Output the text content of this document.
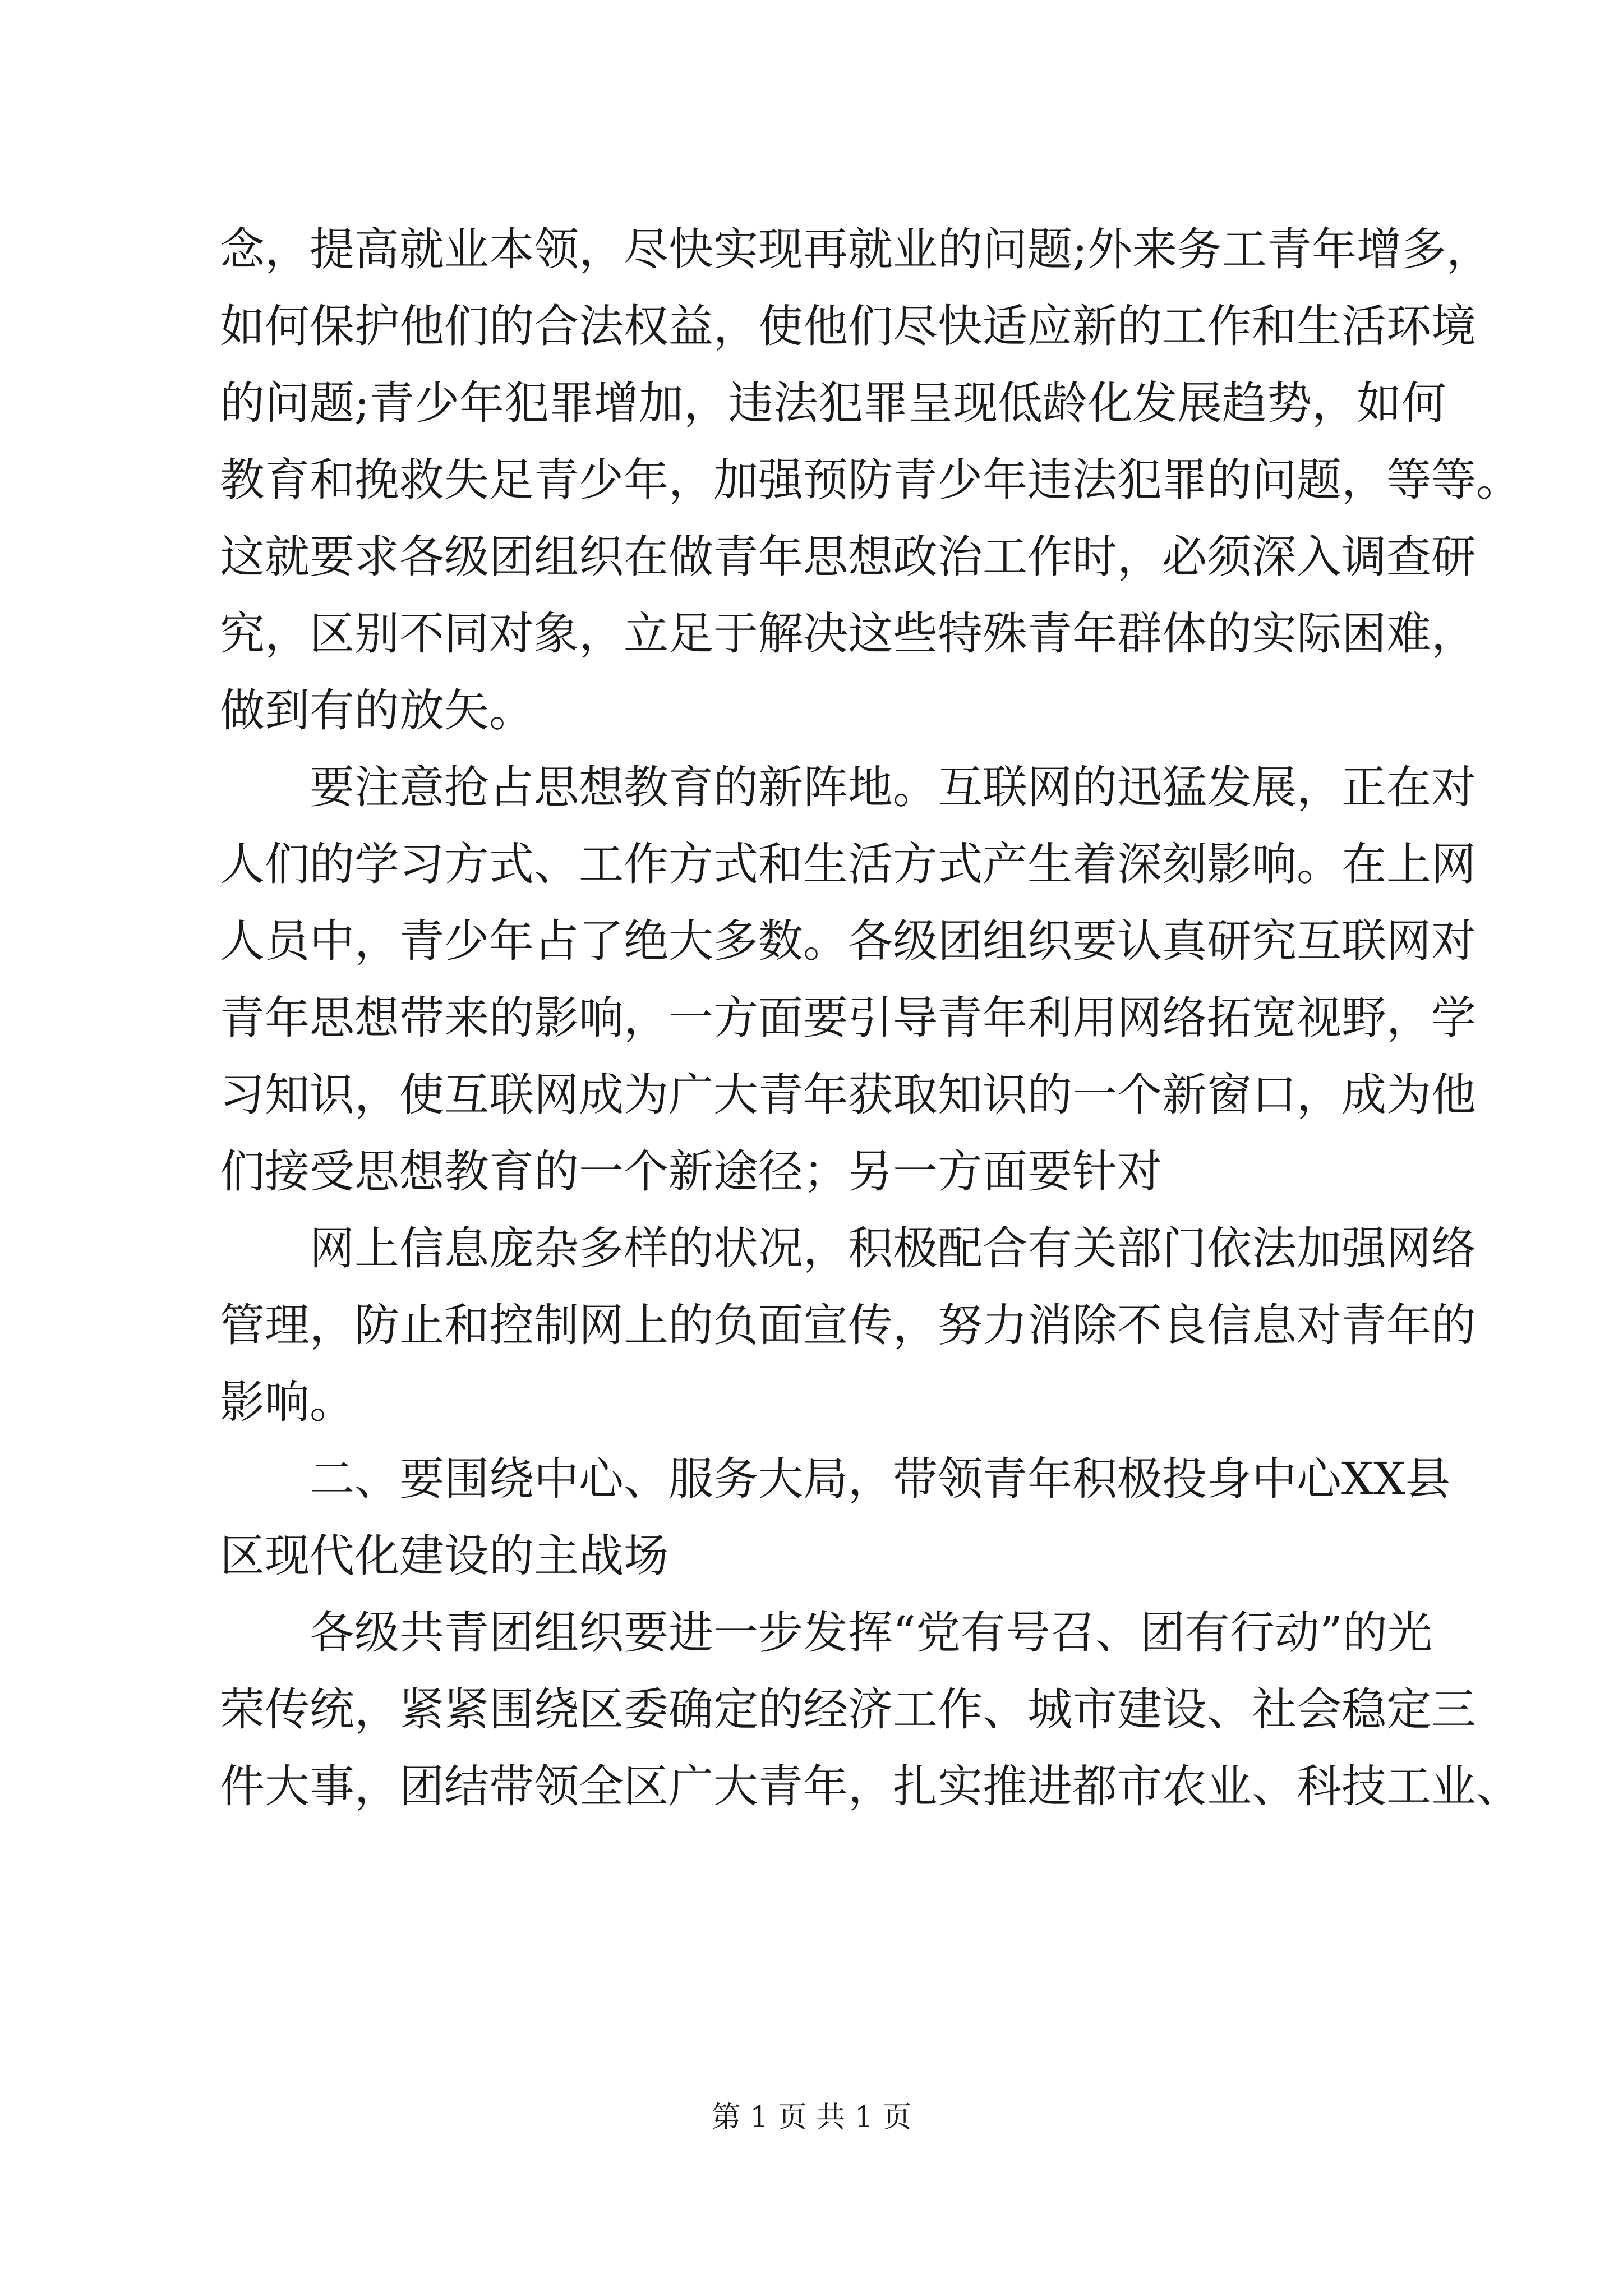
念，提高就业本领，尽快实现再就业的问题;外来务工青年增多，
如何保护他们的合法权益，使他们尽快适应新的工作和生活环境
的问题;青少年犯罪增加，违法犯罪呈现低龄化发展趋势，如何
教育和挽救失足青少年，加强预防青少年违法犯罪的问题，等等。
这就要求各级团组织在做青年思想政治工作时，必须深入调查研
究，区别不同对象，立足于解决这些特殊青年群体的实际困难，
做到有的放矢。
要注意抢占思想教育的新阵地。互联网的迅猛发展，正在对
人们的学习方式、工作方式和生活方式产生着深刻影响。在上网
人员中，青少年占了绝大多数。各级团组织要认真研究互联网对
青年思想带来的影响，一方面要引导青年利用网络拓宽视野，学
习知识，使互联网成为广大青年获取知识的一个新窗口，成为他
们接受思想教育的一个新途径；另一方面要针对
网上信息庞杂多样的状况，积极配合有关部门依法加强网络
管理，防止和控制网上的负面宣传，努力消除不良信息对青年的
影响。
二、要围绕中心、服务大局，带领青年积极投身中心XX县
区现代化建设的主战场
各级共青团组织要进一步发挥“党有号召、团有行动”的光
荣传统，紧紧围绕区委确定的经济工作、城市建设、社会稳定三
件大事，团结带领全区广大青年，扎实推进都市农业、科技工业、
第 1 页 共 1 页
